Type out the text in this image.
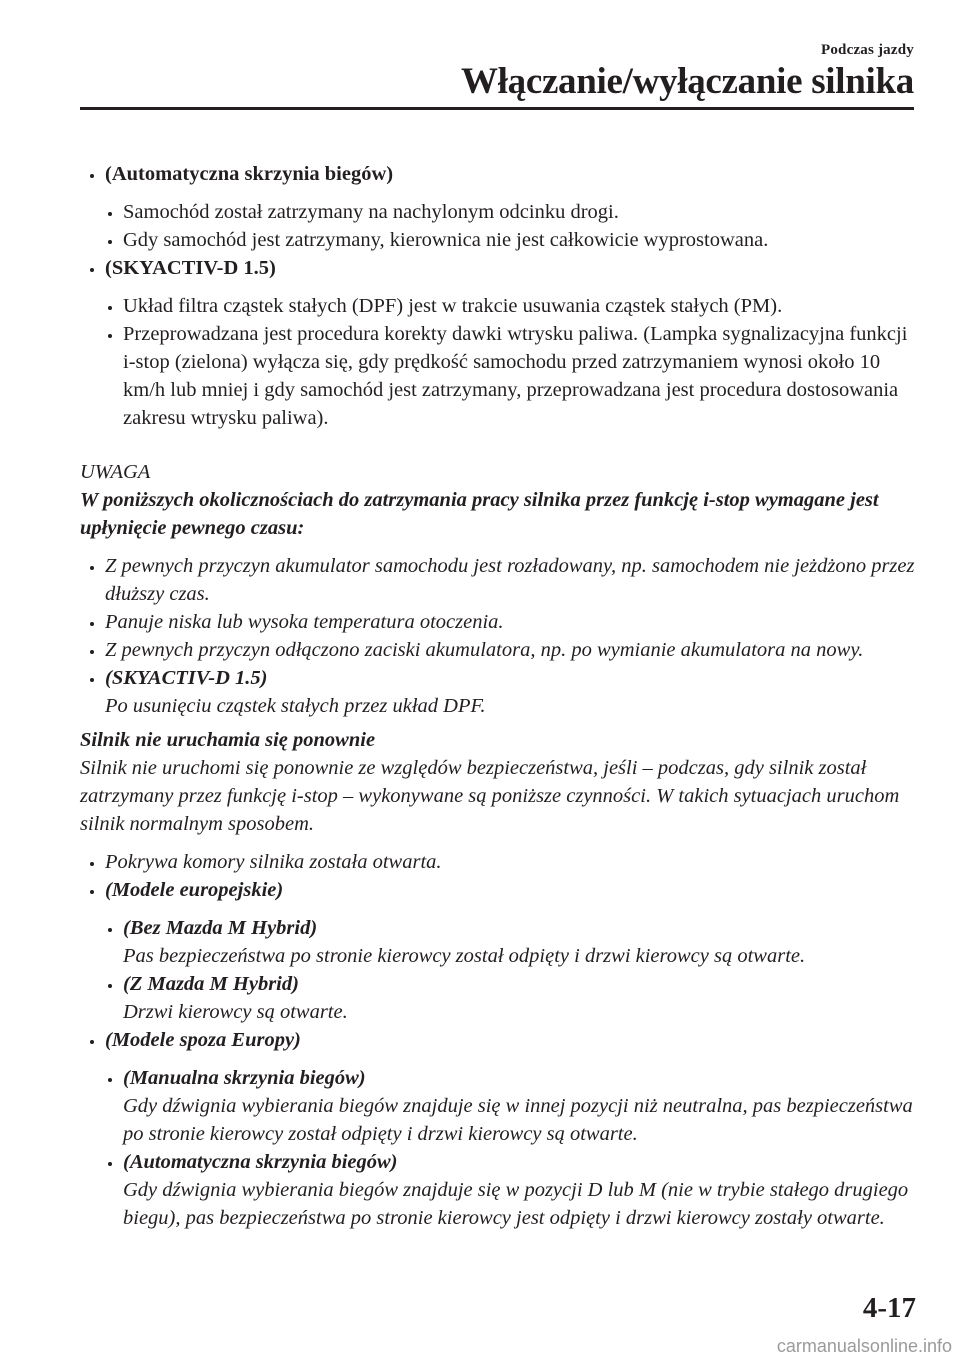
Podczas jazdy
Włączanie/wyłączanie silnika
(Automatyczna skrzynia biegów)
Samochód został zatrzymany na nachylonym odcinku drogi.
Gdy samochód jest zatrzymany, kierownica nie jest całkowicie wyprostowana.
(SKYACTIV-D 1.5)
Układ filtra cząstek stałych (DPF) jest w trakcie usuwania cząstek stałych (PM).
Przeprowadzana jest procedura korekty dawki wtrysku paliwa. (Lampka sygnalizacyjna funkcji i-stop (zielona) wyłącza się, gdy prędkość samochodu przed zatrzymaniem wynosi około 10 km/h lub mniej i gdy samochód jest zatrzymany, przeprowadzana jest procedura dostosowania zakresu wtrysku paliwa).
UWAGA
W poniższych okolicznościach do zatrzymania pracy silnika przez funkcję i-stop wymagane jest upłynięcie pewnego czasu:
Z pewnych przyczyn akumulator samochodu jest rozładowany, np. samochodem nie jeżdżono przez dłuższy czas.
Panuje niska lub wysoka temperatura otoczenia.
Z pewnych przyczyn odłączono zaciski akumulatora, np. po wymianie akumulatora na nowy.
(SKYACTIV-D 1.5)
Po usunięciu cząstek stałych przez układ DPF.
Silnik nie uruchamia się ponownie
Silnik nie uruchomi się ponownie ze względów bezpieczeństwa, jeśli – podczas, gdy silnik został zatrzymany przez funkcję i-stop – wykonywane są poniższe czynności. W takich sytuacjach uruchom silnik normalnym sposobem.
Pokrywa komory silnika została otwarta.
(Modele europejskie)
(Bez Mazda M Hybrid)
Pas bezpieczeństwa po stronie kierowcy został odpięty i drzwi kierowcy są otwarte.
(Z Mazda M Hybrid)
Drzwi kierowcy są otwarte.
(Modele spoza Europy)
(Manualna skrzynia biegów)
Gdy dźwignia wybierania biegów znajduje się w innej pozycji niż neutralna, pas bezpieczeństwa po stronie kierowcy został odpięty i drzwi kierowcy są otwarte.
(Automatyczna skrzynia biegów)
Gdy dźwignia wybierania biegów znajduje się w pozycji D lub M (nie w trybie stałego drugiego biegu), pas bezpieczeństwa po stronie kierowcy jest odpięty i drzwi kierowcy zostały otwarte.
4-17
carmanualsonline.info
